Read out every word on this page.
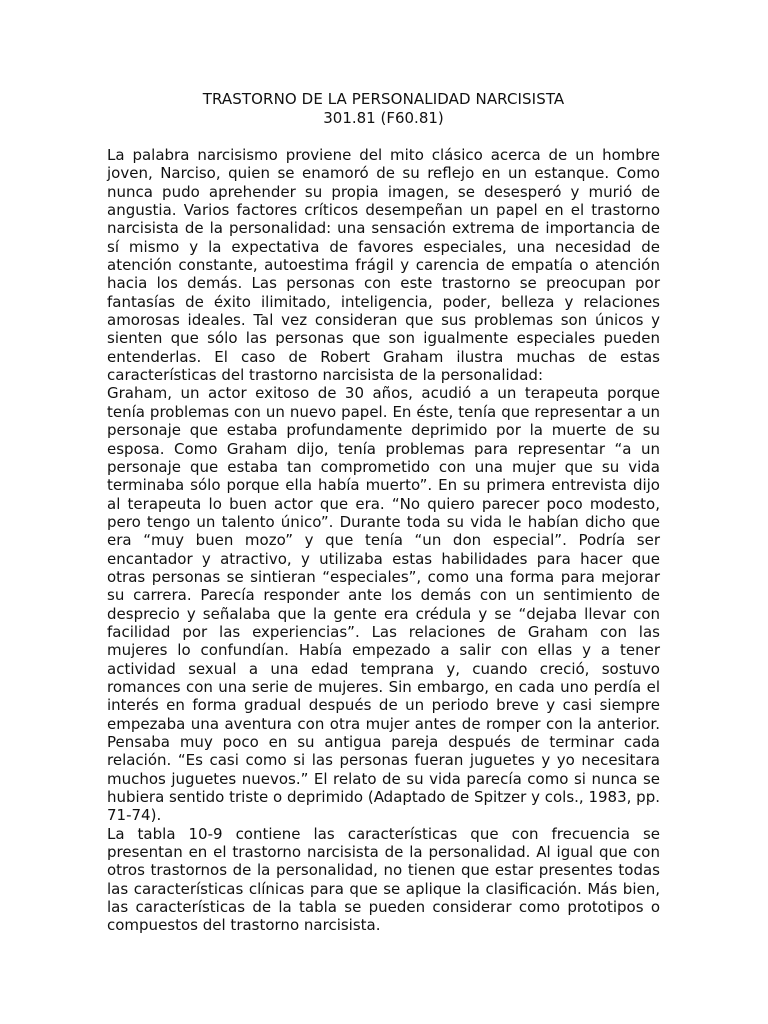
TRASTORNO DE LA PERSONALIDAD NARCISISTA

301.81 (F60.81)

La palabra narcisismo proviene del mito clásico acerca de un hombre joven, Narciso, quien se enamoró de su reflejo en un estanque. Como nunca pudo aprehender su propia imagen, se desesperó y murió de angustia. Varios factores críticos desempeñan un papel en el trastorno narcisista de la personalidad: una sensación extrema de importancia de sí mismo y la expectativa de favores especiales, una necesidad de atención constante, autoestima frágil y carencia de empatía o atención hacia los demás. Las personas con este trastorno se preocupan por fantasías de éxito ilimitado, inteligencia, poder, belleza y relaciones amorosas ideales. Tal vez consideran que sus problemas son únicos y sienten que sólo las personas que son igualmente especiales pueden entenderlas. El caso de Robert Graham ilustra muchas de estas características del trastorno narcisista de la personalidad:

Graham, un actor exitoso de 30 años, acudió a un terapeuta porque tenía problemas con un nuevo papel. En éste, tenía que representar a un personaje que estaba profundamente deprimido por la muerte de su esposa. Como Graham dijo, tenía problemas para representar “a un personaje que estaba tan comprometido con una mujer que su vida terminaba sólo porque ella había muerto”. En su primera entrevista dijo al terapeuta lo buen actor que era. “No quiero parecer poco modesto, pero tengo un talento único”. Durante toda su vida le habían dicho que era “muy buen mozo” y que tenía “un don especial”. Podría ser encantador y atractivo, y utilizaba estas habilidades para hacer que otras personas se sintieran “especiales”, como una forma para mejorar su carrera. Parecía responder ante los demás con un sentimiento de desprecio y señalaba que la gente era crédula y se “dejaba llevar con facilidad por las experiencias”. Las relaciones de Graham con las mujeres lo confundían. Había empezado a salir con ellas y a tener actividad sexual a una edad temprana y, cuando creció, sostuvo romances con una serie de mujeres. Sin embargo, en cada uno perdía el interés en forma gradual después de un periodo breve y casi siempre empezaba una aventura con otra mujer antes de romper con la anterior. Pensaba muy poco en su antigua pareja después de terminar cada relación. “Es casi como si las personas fueran juguetes y yo necesitara muchos juguetes nuevos.” El relato de su vida parecía como si nunca se hubiera sentido triste o deprimido (Adaptado de Spitzer y cols., 1983, pp. 71-74).

La tabla 10-9 contiene las características que con frecuencia se presentan en el trastorno narcisista de la personalidad. Al igual que con otros trastornos de la personalidad, no tienen que estar presentes todas las características clínicas para que se aplique la clasificación. Más bien, las características de la tabla se pueden considerar como prototipos o compuestos del trastorno narcisista.
